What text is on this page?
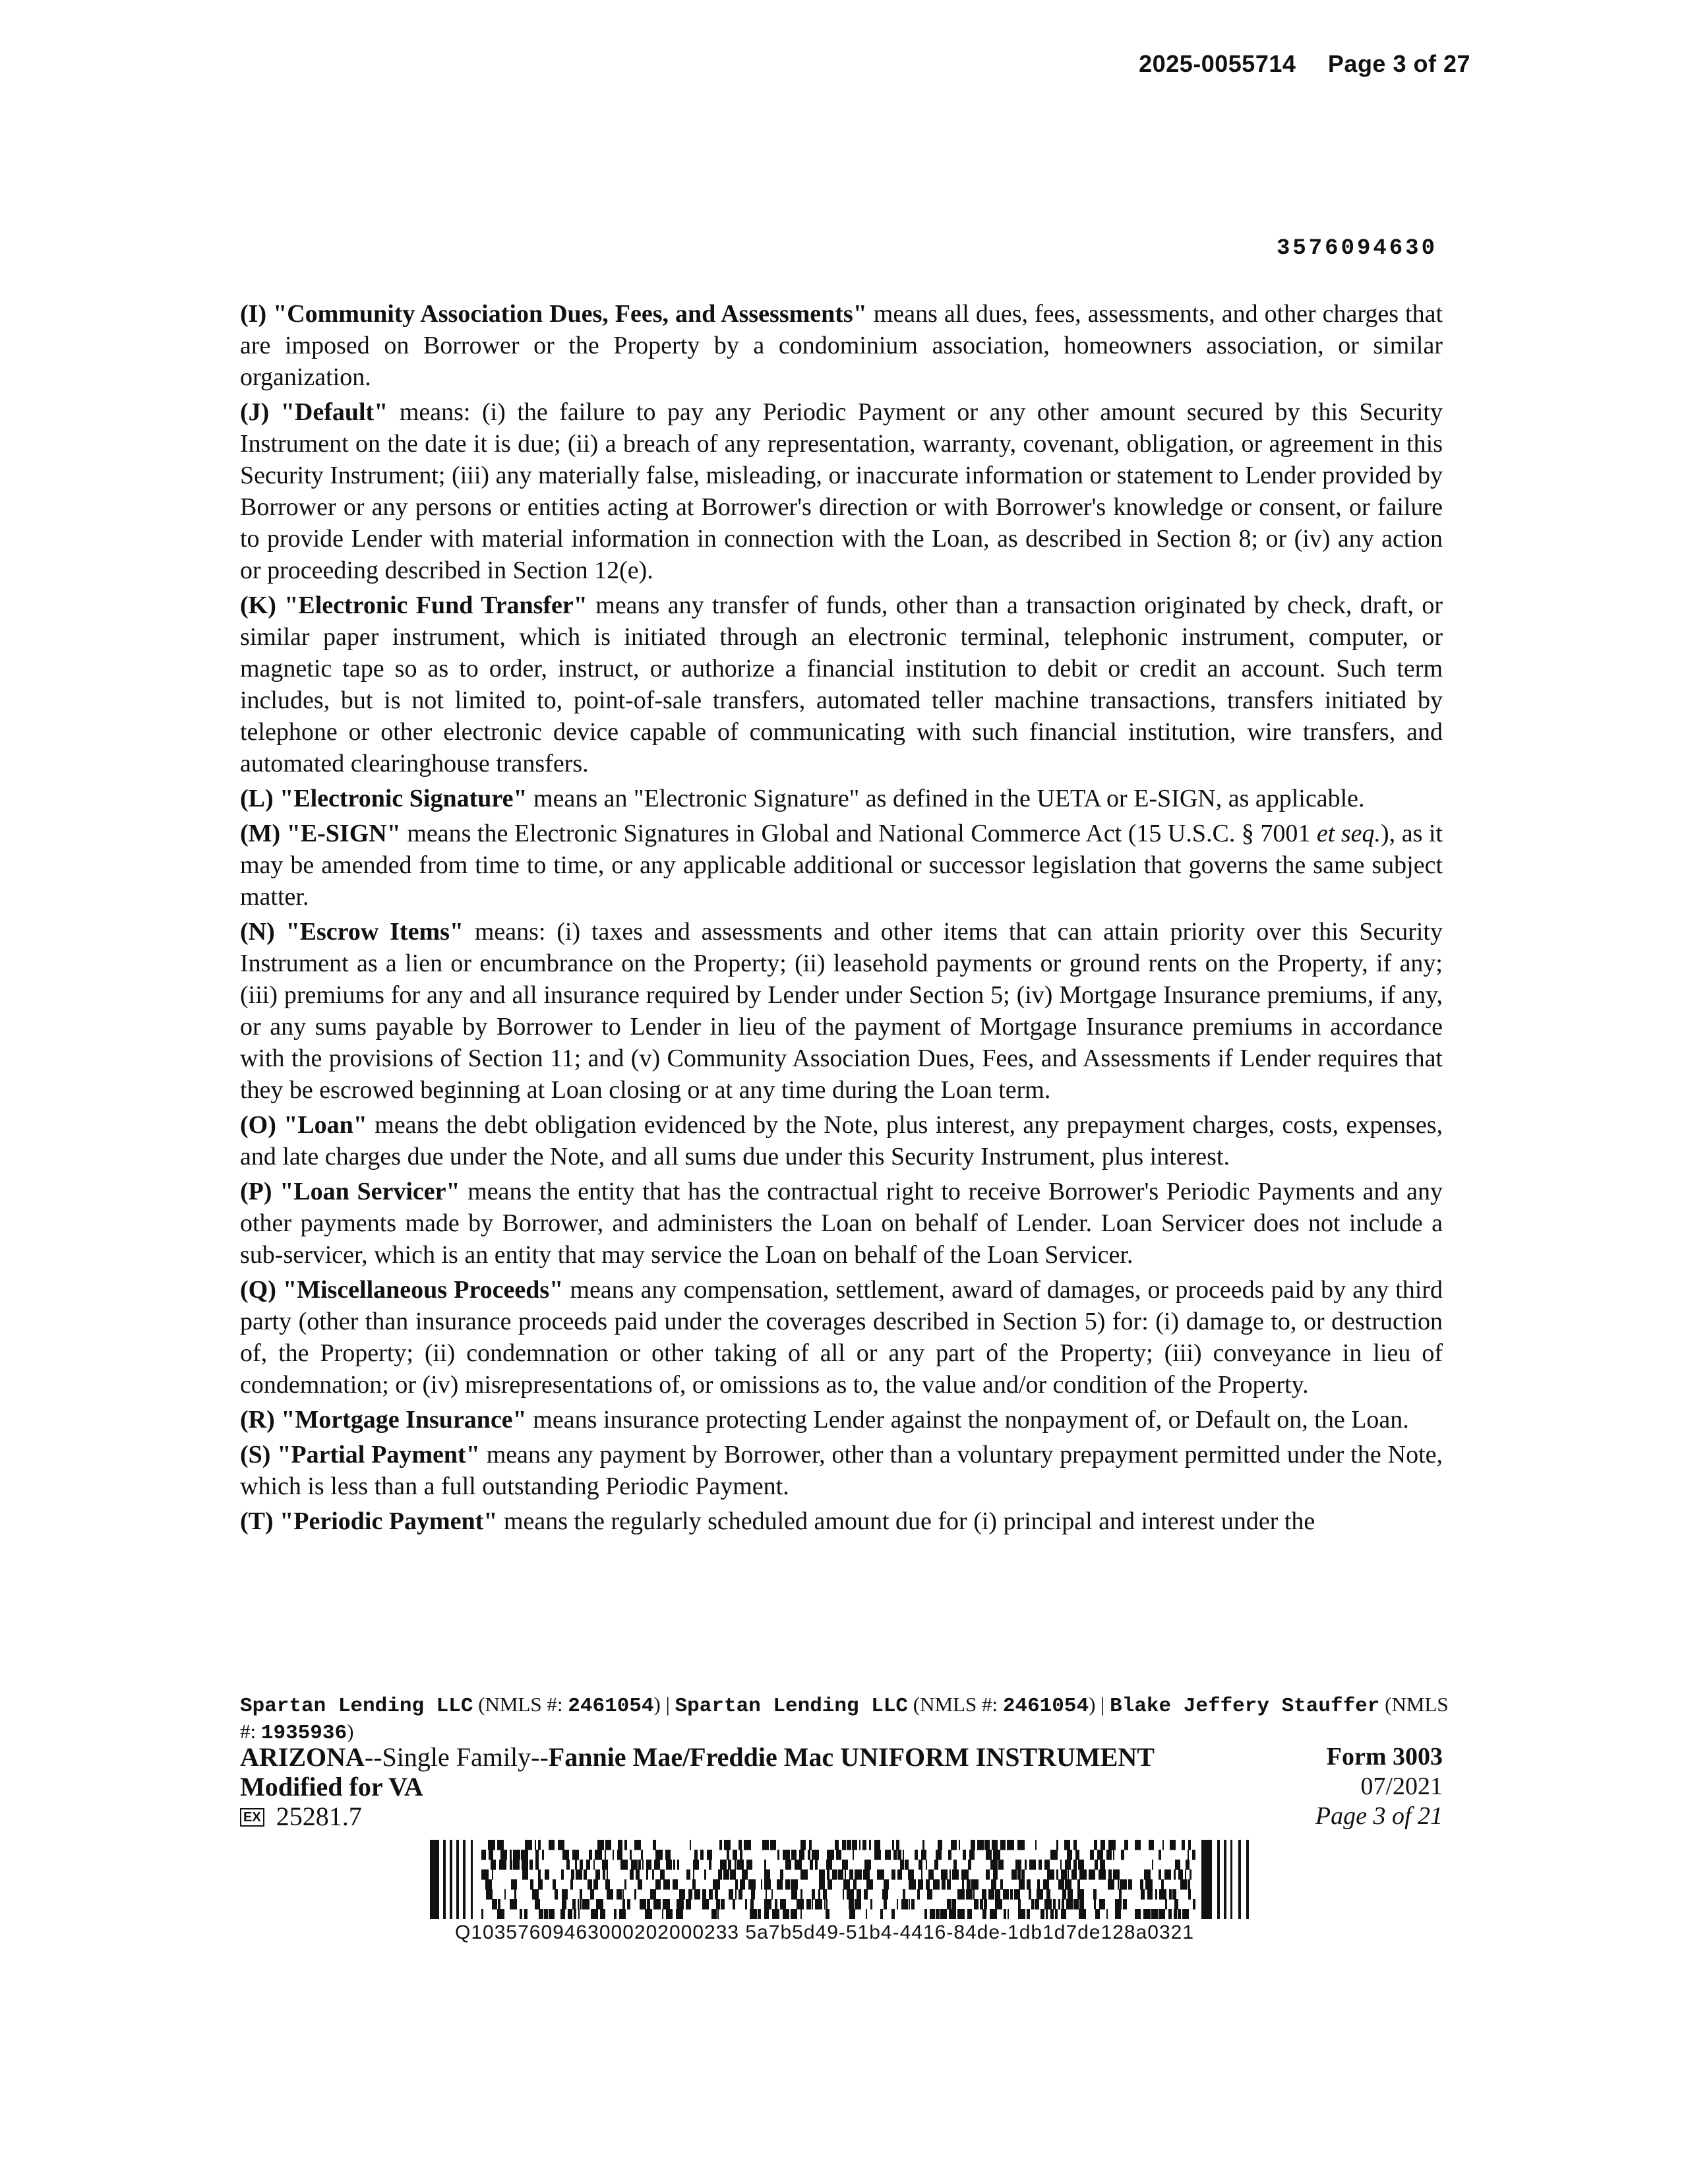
2025-0055714 Page 3 of 27
3576094630

(I) "Community Association Dues, Fees, and Assessments" means all dues, fees, assessments, and other charges that are imposed on Borrower or the Property by a condominium association, homeowners association, or similar organization.

(J) "Default" means: (i) the failure to pay any Periodic Payment or any other amount secured by this Security Instrument on the date it is due; (ii) a breach of any representation, warranty, covenant, obligation, or agreement in this Security Instrument; (iii) any materially false, misleading, or inaccurate information or statement to Lender provided by Borrower or any persons or entities acting at Borrower's direction or with Borrower's knowledge or consent, or failure to provide Lender with material information in connection with the Loan, as described in Section 8; or (iv) any action or proceeding described in Section 12(e).

(K) "Electronic Fund Transfer" means any transfer of funds, other than a transaction originated by check, draft, or similar paper instrument, which is initiated through an electronic terminal, telephonic instrument, computer, or magnetic tape so as to order, instruct, or authorize a financial institution to debit or credit an account. Such term includes, but is not limited to, point-of-sale transfers, automated teller machine transactions, transfers initiated by telephone or other electronic device capable of communicating with such financial institution, wire transfers, and automated clearinghouse transfers.

(L) "Electronic Signature" means an "Electronic Signature" as defined in the UETA or E-SIGN, as applicable.

(M) "E-SIGN" means the Electronic Signatures in Global and National Commerce Act (15 U.S.C. § 7001 et seq.), as it may be amended from time to time, or any applicable additional or successor legislation that governs the same subject matter.

(N) "Escrow Items" means: (i) taxes and assessments and other items that can attain priority over this Security Instrument as a lien or encumbrance on the Property; (ii) leasehold payments or ground rents on the Property, if any; (iii) premiums for any and all insurance required by Lender under Section 5; (iv) Mortgage Insurance premiums, if any, or any sums payable by Borrower to Lender in lieu of the payment of Mortgage Insurance premiums in accordance with the provisions of Section 11; and (v) Community Association Dues, Fees, and Assessments if Lender requires that they be escrowed beginning at Loan closing or at any time during the Loan term.

(O) "Loan" means the debt obligation evidenced by the Note, plus interest, any prepayment charges, costs, expenses, and late charges due under the Note, and all sums due under this Security Instrument, plus interest.

(P) "Loan Servicer" means the entity that has the contractual right to receive Borrower's Periodic Payments and any other payments made by Borrower, and administers the Loan on behalf of Lender. Loan Servicer does not include a sub-servicer, which is an entity that may service the Loan on behalf of the Loan Servicer.

(Q) "Miscellaneous Proceeds" means any compensation, settlement, award of damages, or proceeds paid by any third party (other than insurance proceeds paid under the coverages described in Section 5) for: (i) damage to, or destruction of, the Property; (ii) condemnation or other taking of all or any part of the Property; (iii) conveyance in lieu of condemnation; or (iv) misrepresentations of, or omissions as to, the value and/or condition of the Property.

(R) "Mortgage Insurance" means insurance protecting Lender against the nonpayment of, or Default on, the Loan.

(S) "Partial Payment" means any payment by Borrower, other than a voluntary prepayment permitted under the Note, which is less than a full outstanding Periodic Payment.

(T) "Periodic Payment" means the regularly scheduled amount due for (i) principal and interest under the

Spartan Lending LLC (NMLS #: 2461054) | Spartan Lending LLC (NMLS #: 2461054) | Blake Jeffery Stauffer (NMLS #: 1935936)
ARIZONA--Single Family--Fannie Mae/Freddie Mac UNIFORM INSTRUMENT
Modified for VA
EX 25281.7
Form 3003
07/2021
Page 3 of 21
Q10357609463000202000233 5a7b5d49-51b4-4416-84de-1db1d7de128a0321
